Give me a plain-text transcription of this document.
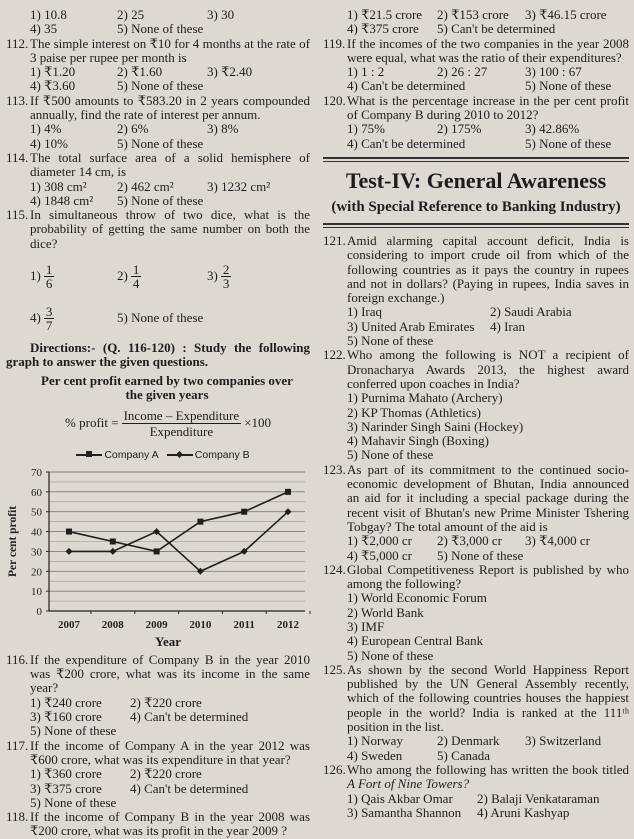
1) 10.8	2) 25	3) 30
4) 35	5) None of these
112. The simple interest on ₹10 for 4 months at the rate of 3 paise per rupee per month is
1) ₹1.20	2) ₹1.60	3) ₹2.40
4) ₹3.60	5) None of these
113. If ₹500 amounts to ₹583.20 in 2 years compounded annually, find the rate of interest per annum.
1) 4%	2) 6%	3) 8%
4) 10%	5) None of these
114. The total surface area of a solid hemisphere of diameter 14 cm, is
1) 308 cm²	2) 462 cm²	3) 1232 cm²
4) 1848 cm²	5) None of these
115. In simultaneous throw of two dice, what is the probability of getting the same number on both the dice?
$1) \frac{1}{6}$	$2) \frac{1}{4}$	$3) \frac{2}{3}$
$4) \frac{3}{7}$	5) None of these
Directions:- (Q. 116-120) : Study the following graph to answer the given questions.
Per cent profit earned by two companies over the given years
% profit = $\frac{\text{Income – Expenditure}}{\text{Expenditure}} \times 100$
Company A	Company B
0
10
20
30
40
50
60
70
2007 2008 2009 2010 2011 2012
Per cent profit
Year
116. If the expenditure of Company B in the year 2010 was ₹200 crore, what was its income in the same year?
1) ₹240 crore	2) ₹220 crore
3) ₹160 crore	4) Can't be determined
5) None of these
117. If the income of Company A in the year 2012 was ₹600 crore, what was its expenditure in that year?
1) ₹360 crore	2) ₹220 crore
3) ₹375 crore	4) Can't be determined
5) None of these
118. If the income of Company B in the year 2008 was ₹200 crore, what was its profit in the year 2009 ?
1) ₹21.5 crore	2) ₹153 crore	3) ₹46.15 crore
4) ₹375 crore	5) Can't be determined
119. If the incomes of the two companies in the year 2008 were equal, what was the ratio of their expenditures?
1) 1 : 2	2) 26 : 27	3) 100 : 67
4) Can't be determined	5) None of these
120. What is the percentage increase in the per cent profit of Company B during 2010 to 2012?
1) 75%	2) 175%	3) 42.86%
4) Can't be determined	5) None of these
Test-IV: General Awareness
(with Special Reference to Banking Industry)
121. Amid alarming capital account deficit, India is considering to import crude oil from which of the following countries as it pays the country in rupees and not in dollars? (Paying in rupees, India saves in foreign exchange.)
1) Iraq	2) Saudi Arabia
3) United Arab Emirates	4) Iran
5) None of these
122. Who among the following is NOT a recipient of Dronacharya Awards 2013, the highest award conferred upon coaches in India?
1) Purnima Mahato (Archery)
2) KP Thomas (Athletics)
3) Narinder Singh Saini (Hockey)
4) Mahavir Singh (Boxing)
5) None of these
123. As part of its commitment to the continued socio-economic development of Bhutan, India announced an aid for it including a special package during the recent visit of Bhutan's new Prime Minister Tshering Tobgay? The total amount of the aid is
1) ₹2,000 cr	2) ₹3,000 cr	3) ₹4,000 cr
4) ₹5,000 cr	5) None of these
124. Global Competitiveness Report is published by who among the following?
1) World Economic Forum
2) World Bank
3) IMF
4) European Central Bank
5) None of these
125. As shown by the second World Happiness Report published by the UN General Assembly recently, which of the following countries houses the happiest people in the world? India is ranked at the 111ᵗʰ position in the list.
1) Norway	2) Denmark	3) Switzerland
4) Sweden	5) Canada
126. Who among the following has written the book titled A Fort of Nine Towers?
1) Qais Akbar Omar	2) Balaji Venkataraman
3) Samantha Shannon	4) Aruni Kashyap
